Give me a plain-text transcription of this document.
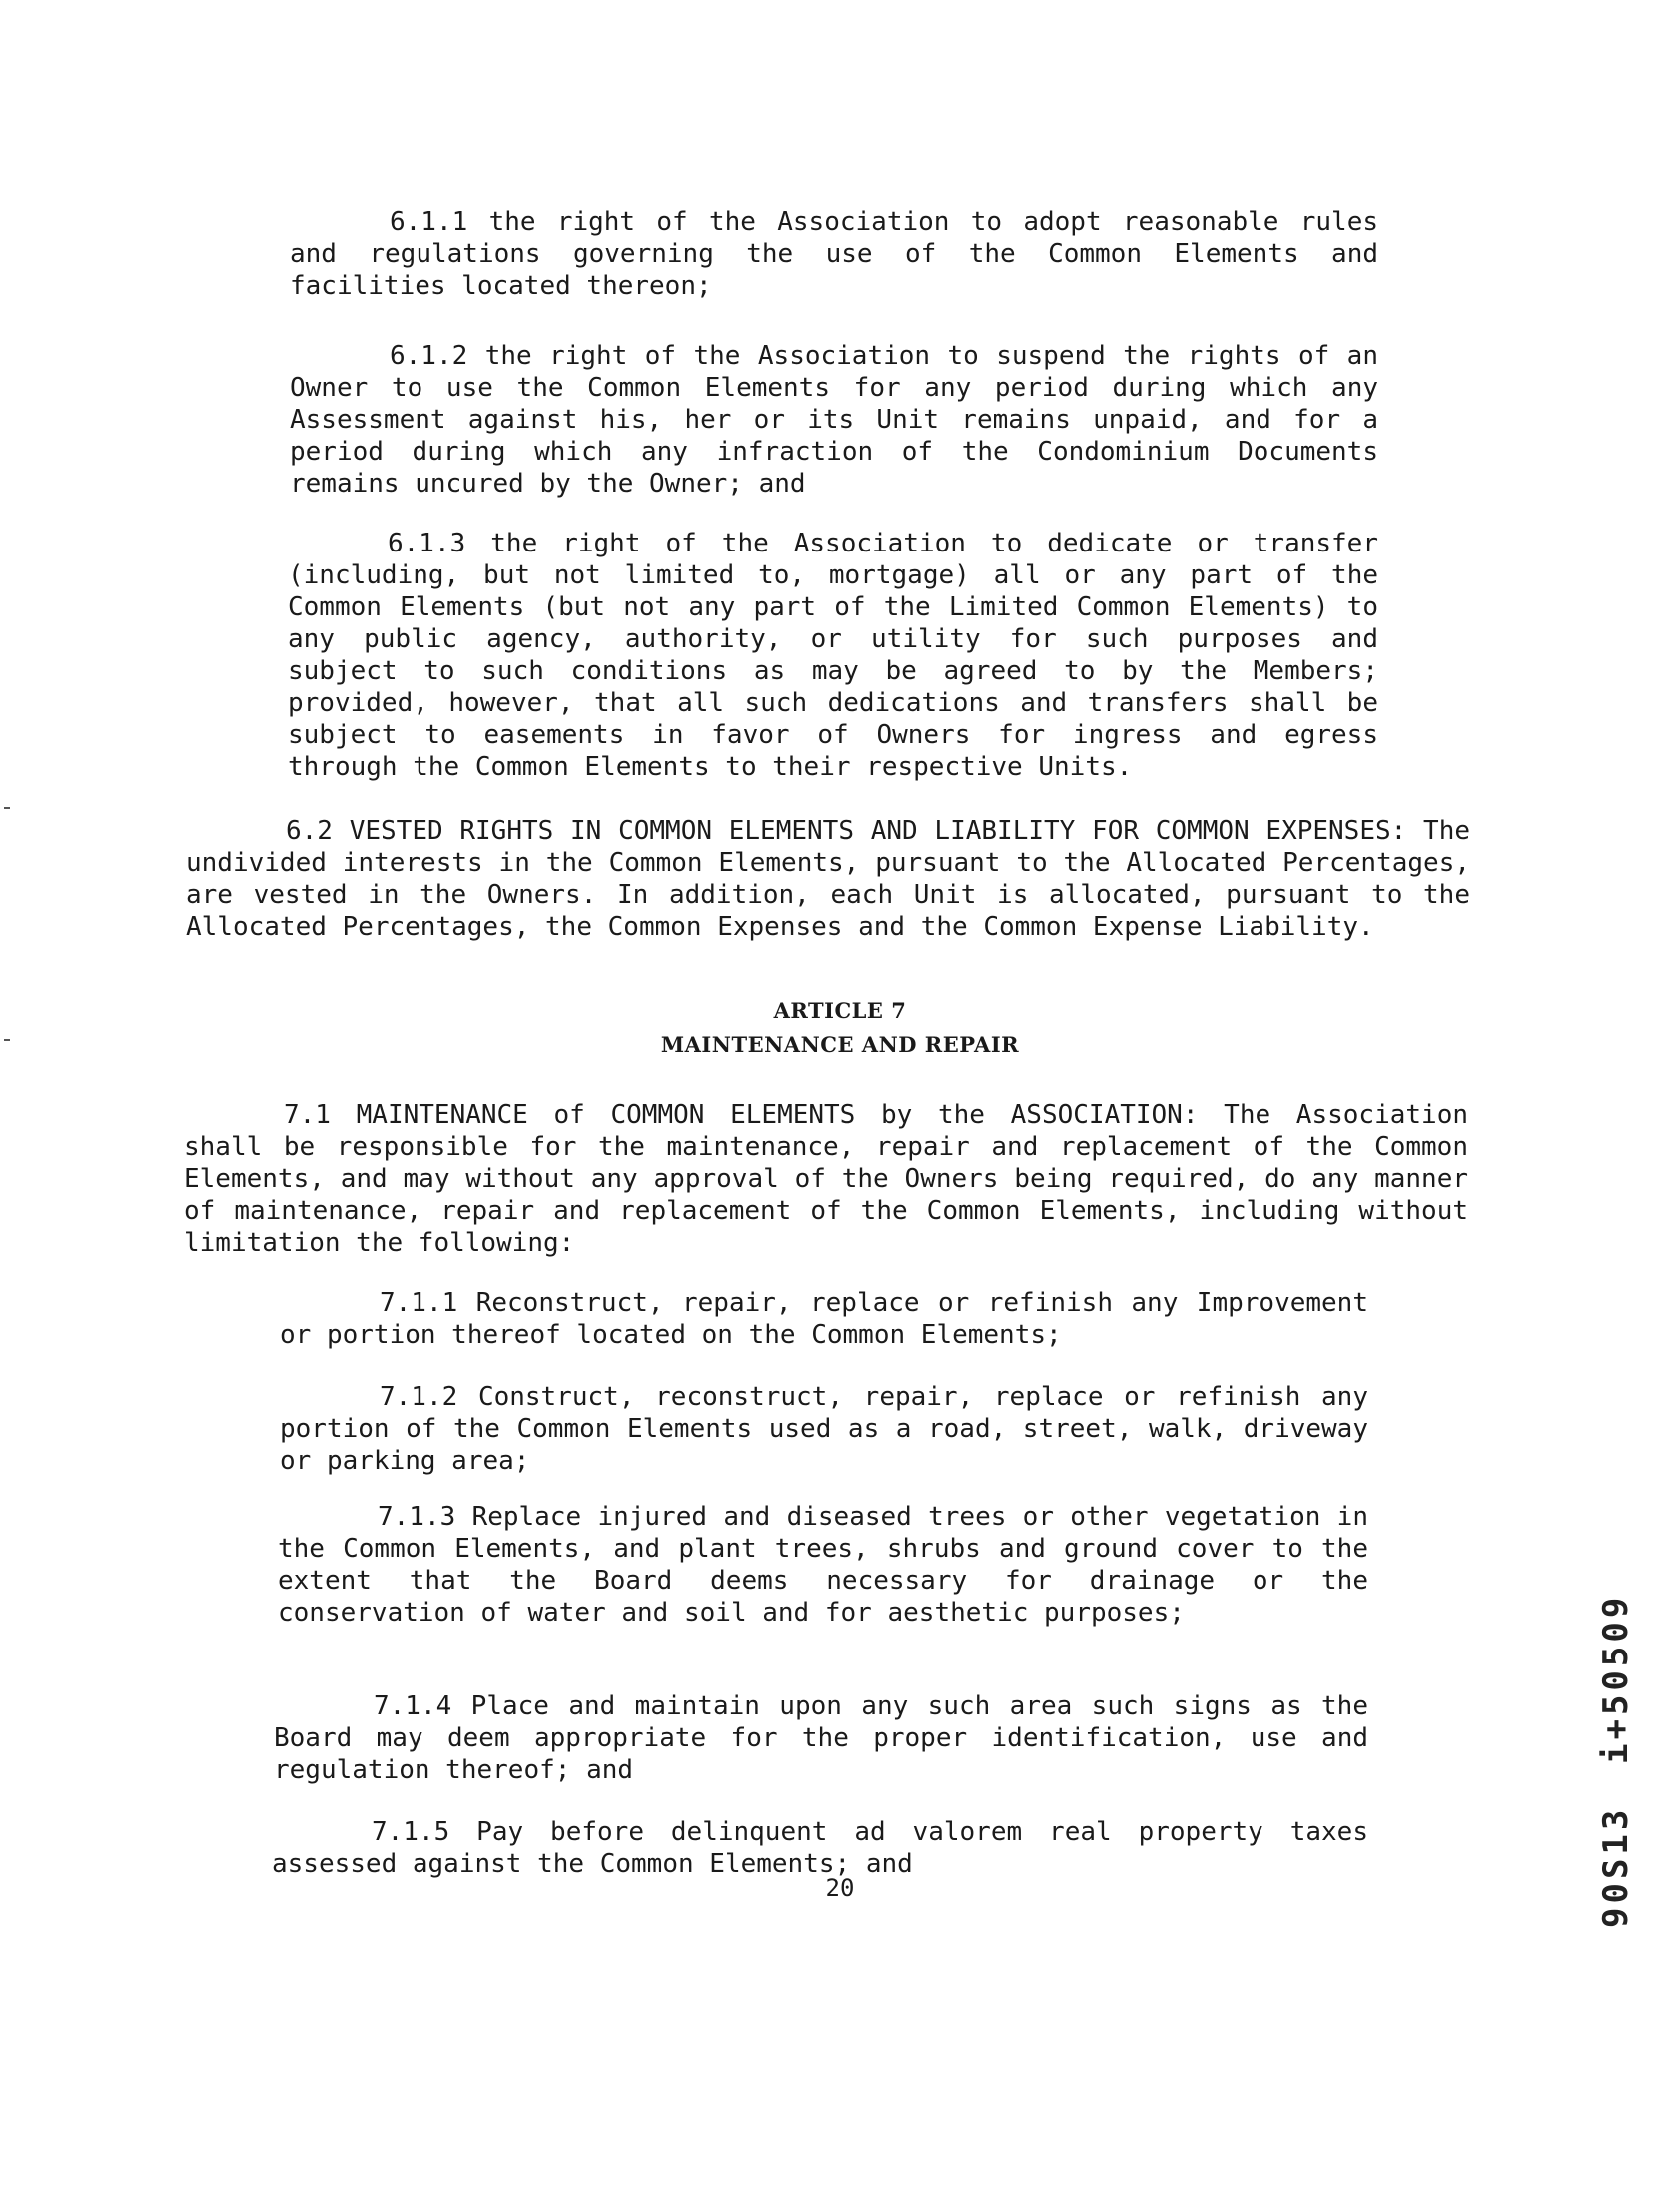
6.1.1 the right of the Association to adopt reasonable rules and regulations governing the use of the Common Elements and facilities located thereon;
6.1.2 the right of the Association to suspend the rights of an Owner to use the Common Elements for any period during which any Assessment against his, her or its Unit remains unpaid, and for a period during which any infraction of the Condominium Documents remains uncured by the Owner; and
6.1.3 the right of the Association to dedicate or transfer (including, but not limited to, mortgage) all or any part of the Common Elements (but not any part of the Limited Common Elements) to any public agency, authority, or utility for such purposes and subject to such conditions as may be agreed to by the Members; provided, however, that all such dedications and transfers shall be subject to easements in favor of Owners for ingress and egress through the Common Elements to their respective Units.
6.2 VESTED RIGHTS IN COMMON ELEMENTS AND LIABILITY FOR COMMON EXPENSES: The undivided interests in the Common Elements, pursuant to the Allocated Percentages, are vested in the Owners. In addition, each Unit is allocated, pursuant to the Allocated Percentages, the Common Expenses and the Common Expense Liability.
ARTICLE 7
MAINTENANCE AND REPAIR
7.1 MAINTENANCE of COMMON ELEMENTS by the ASSOCIATION: The Association shall be responsible for the maintenance, repair and replacement of the Common Elements, and may without any approval of the Owners being required, do any manner of maintenance, repair and replacement of the Common Elements, including without limitation the following:
7.1.1 Reconstruct, repair, replace or refinish any Improvement or portion thereof located on the Common Elements;
7.1.2 Construct, reconstruct, repair, replace or refinish any portion of the Common Elements used as a road, street, walk, driveway or parking area;
7.1.3 Replace injured and diseased trees or other vegetation in the Common Elements, and plant trees, shrubs and ground cover to the extent that the Board deems necessary for drainage or the conservation of water and soil and for aesthetic purposes;
7.1.4 Place and maintain upon any such area such signs as the Board may deem appropriate for the proper identification, use and regulation thereof; and
7.1.5 Pay before delinquent ad valorem real property taxes assessed against the Common Elements; and
20
i+50509
90S13
